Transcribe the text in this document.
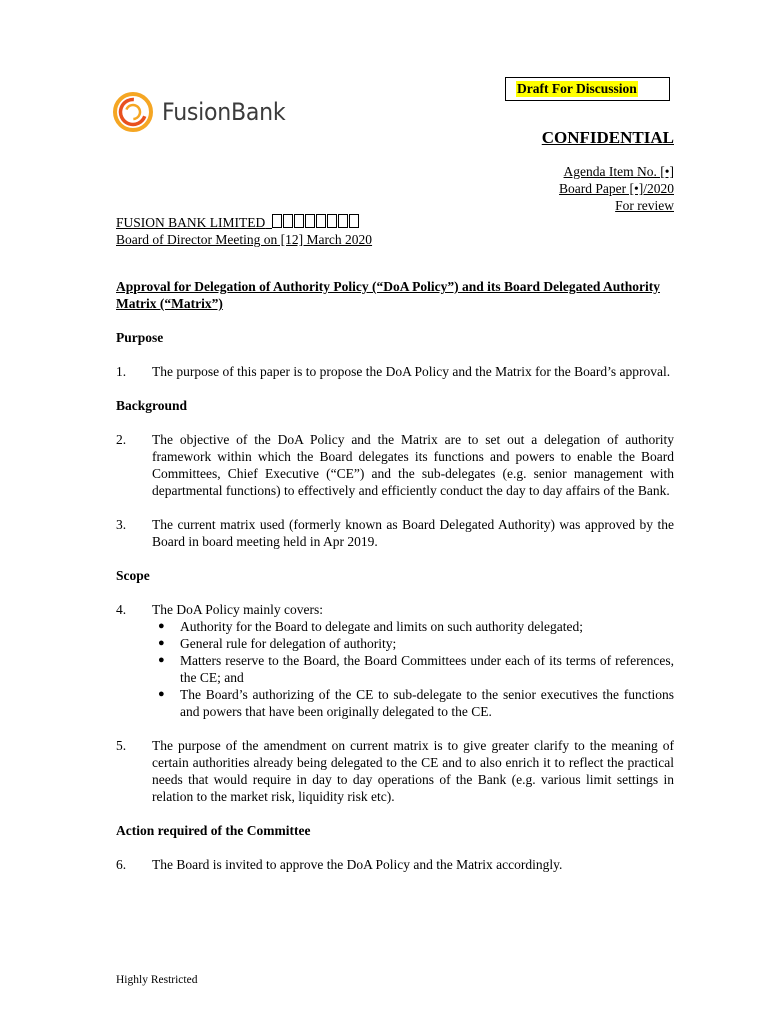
FusionBank
Draft For Discussion
CONFIDENTIAL
Agenda Item No. [•]
Board Paper [•]/2020
For review
FUSION BANK LIMITED
Board of Director Meeting on [12] March 2020
Approval for Delegation of Authority Policy (“DoA Policy”) and its Board Delegated Authority Matrix (“Matrix”)
Purpose
1.	The purpose of this paper is to propose the DoA Policy and the Matrix for the Board’s approval.
Background
2.	The objective of the DoA Policy and the Matrix are to set out a delegation of authority framework within which the Board delegates its functions and powers to enable the Board Committees, Chief Executive (“CE”) and the sub-delegates (e.g. senior management with departmental functions) to effectively and efficiently conduct the day to day affairs of the Bank.
3.	The current matrix used (formerly known as Board Delegated Authority) was approved by the Board in board meeting held in Apr 2019.
Scope
4.	The DoA Policy mainly covers:
●	Authority for the Board to delegate and limits on such authority delegated;
●	General rule for delegation of authority;
●	Matters reserve to the Board, the Board Committees under each of its terms of references, the CE; and
●	The Board’s authorizing of the CE to sub-delegate to the senior executives the functions and powers that have been originally delegated to the CE.
5.	The purpose of the amendment on current matrix is to give greater clarify to the meaning of certain authorities already being delegated to the CE and to also enrich it to reflect the practical needs that would require in day to day operations of the Bank (e.g. various limit settings in relation to the market risk, liquidity risk etc).
Action required of the Committee
6.	The Board is invited to approve the DoA Policy and the Matrix accordingly.
Highly Restricted
